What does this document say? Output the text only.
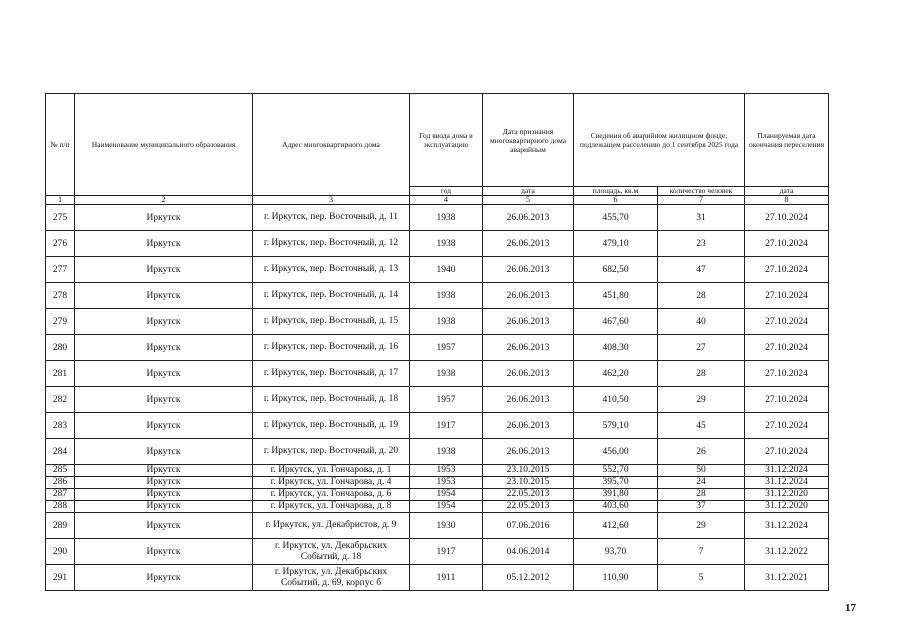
№ п/п	Наименование муниципального образования	Адрес многоквартирного дома	Год ввода дома в эксплуатацию	Дата признания многоквартирного дома аварийным	Сведения об аварийном жилищном фонде, подлежащем расселению до 1 сентября 2025 года		Планируемая дата окончания переселения
			год	дата	площадь, кв.м	количество человек	дата
1	2	3	4	5	6	7	8
275	Иркутск	г. Иркутск, пер. Восточный, д. 11	1938	26.06.2013	455,70	31	27.10.2024
276	Иркутск	г. Иркутск, пер. Восточный, д. 12	1938	26.06.2013	479,10	23	27.10.2024
277	Иркутск	г. Иркутск, пер. Восточный, д. 13	1940	26.06.2013	682,50	47	27.10.2024
278	Иркутск	г. Иркутск, пер. Восточный, д. 14	1938	26.06.2013	451,80	28	27.10.2024
279	Иркутск	г. Иркутск, пер. Восточный, д. 15	1938	26.06.2013	467,60	40	27.10.2024
280	Иркутск	г. Иркутск, пер. Восточный, д. 16	1957	26.06.2013	408,30	27	27.10.2024
281	Иркутск	г. Иркутск, пер. Восточный, д. 17	1938	26.06.2013	462,20	28	27.10.2024
282	Иркутск	г. Иркутск, пер. Восточный, д. 18	1957	26.06.2013	410,50	29	27.10.2024
283	Иркутск	г. Иркутск, пер. Восточный, д. 19	1917	26.06.2013	579,10	45	27.10.2024
284	Иркутск	г. Иркутск, пер. Восточный, д. 20	1938	26.06.2013	456,00	26	27.10.2024
285	Иркутск	г. Иркутск, ул. Гончарова, д. 1	1953	23.10.2015	552,70	50	31.12.2024
286	Иркутск	г. Иркутск, ул. Гончарова, д. 4	1953	23.10.2015	395,70	24	31.12.2024
287	Иркутск	г. Иркутск, ул. Гончарова, д. 6	1954	22.05.2013	391,80	28	31.12.2020
288	Иркутск	г. Иркутск, ул. Гончарова, д. 8	1954	22.05.2013	403,60	37	31.12.2020
289	Иркутск	г. Иркутск, ул. Декабристов, д. 9	1930	07.06.2016	412,60	29	31.12.2024
290	Иркутск	г. Иркутск, ул. Декабрьских Событий, д. 18	1917	04.06.2014	93,70	7	31.12.2022
291	Иркутск	г. Иркутск, ул. Декабрьских Событий, д. 69, корпус б	1911	05.12.2012	110,90	5	31.12.2021
17
